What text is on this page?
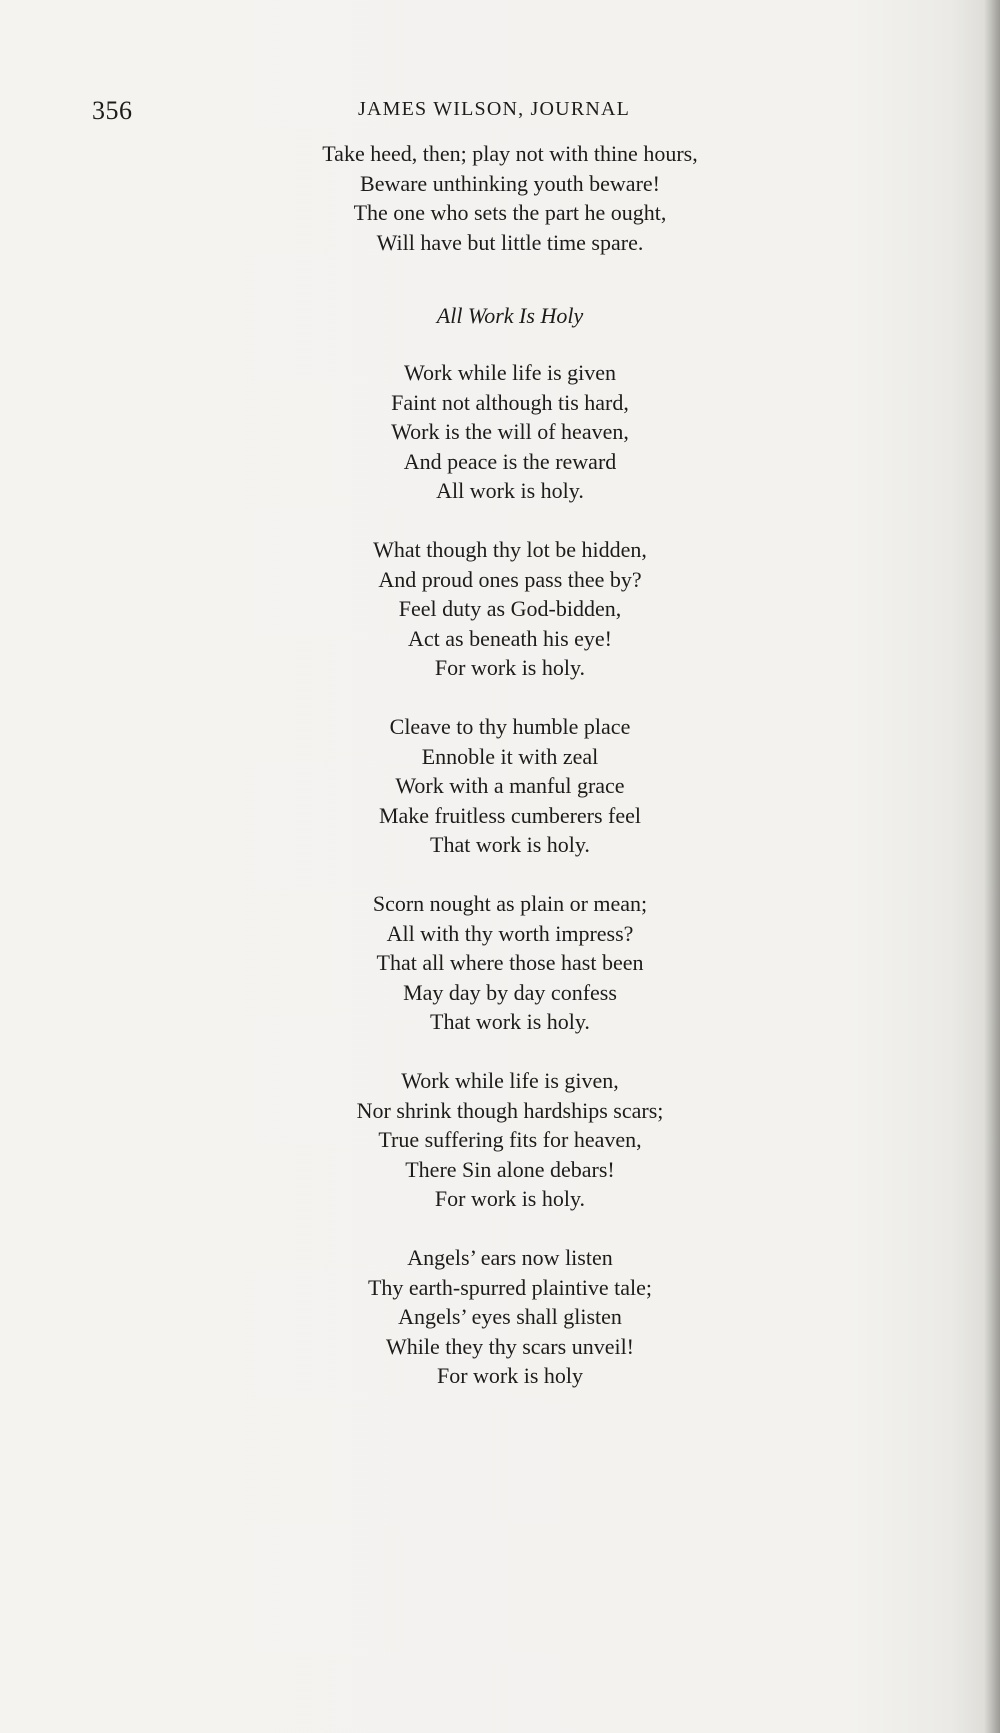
356	JAMES WILSON, JOURNAL
Take heed, then; play not with thine hours,
Beware unthinking youth beware!
The one who sets the part he ought,
Will have but little time spare.
All Work Is Holy
Work while life is given
Faint not although tis hard,
Work is the will of heaven,
And peace is the reward
All work is holy.
What though thy lot be hidden,
And proud ones pass thee by?
Feel duty as God-bidden,
Act as beneath his eye!
For work is holy.
Cleave to thy humble place
Ennoble it with zeal
Work with a manful grace
Make fruitless cumberers feel
That work is holy.
Scorn nought as plain or mean;
All with thy worth impress?
That all where those hast been
May day by day confess
That work is holy.
Work while life is given,
Nor shrink though hardships scars;
True suffering fits for heaven,
There Sin alone debars!
For work is holy.
Angels’ ears now listen
Thy earth-spurred plaintive tale;
Angels’ eyes shall glisten
While they thy scars unveil!
For work is holy
